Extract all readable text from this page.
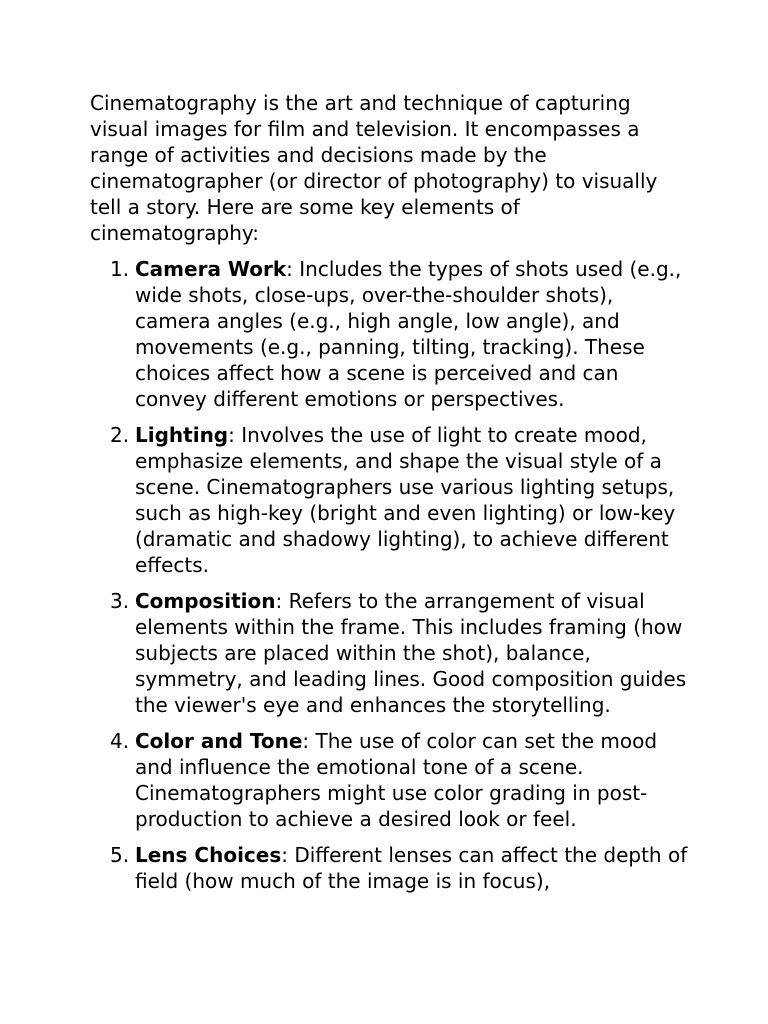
Cinematography is the art and technique of capturing visual images for film and television. It encompasses a range of activities and decisions made by the cinematographer (or director of photography) to visually tell a story. Here are some key elements of cinematography:

1. Camera Work: Includes the types of shots used (e.g., wide shots, close-ups, over-the-shoulder shots), camera angles (e.g., high angle, low angle), and movements (e.g., panning, tilting, tracking). These choices affect how a scene is perceived and can convey different emotions or perspectives.
2. Lighting: Involves the use of light to create mood, emphasize elements, and shape the visual style of a scene. Cinematographers use various lighting setups, such as high-key (bright and even lighting) or low-key (dramatic and shadowy lighting), to achieve different effects.
3. Composition: Refers to the arrangement of visual elements within the frame. This includes framing (how subjects are placed within the shot), balance, symmetry, and leading lines. Good composition guides the viewer's eye and enhances the storytelling.
4. Color and Tone: The use of color can set the mood and influence the emotional tone of a scene. Cinematographers might use color grading in post-production to achieve a desired look or feel.
5. Lens Choices: Different lenses can affect the depth of field (how much of the image is in focus),
